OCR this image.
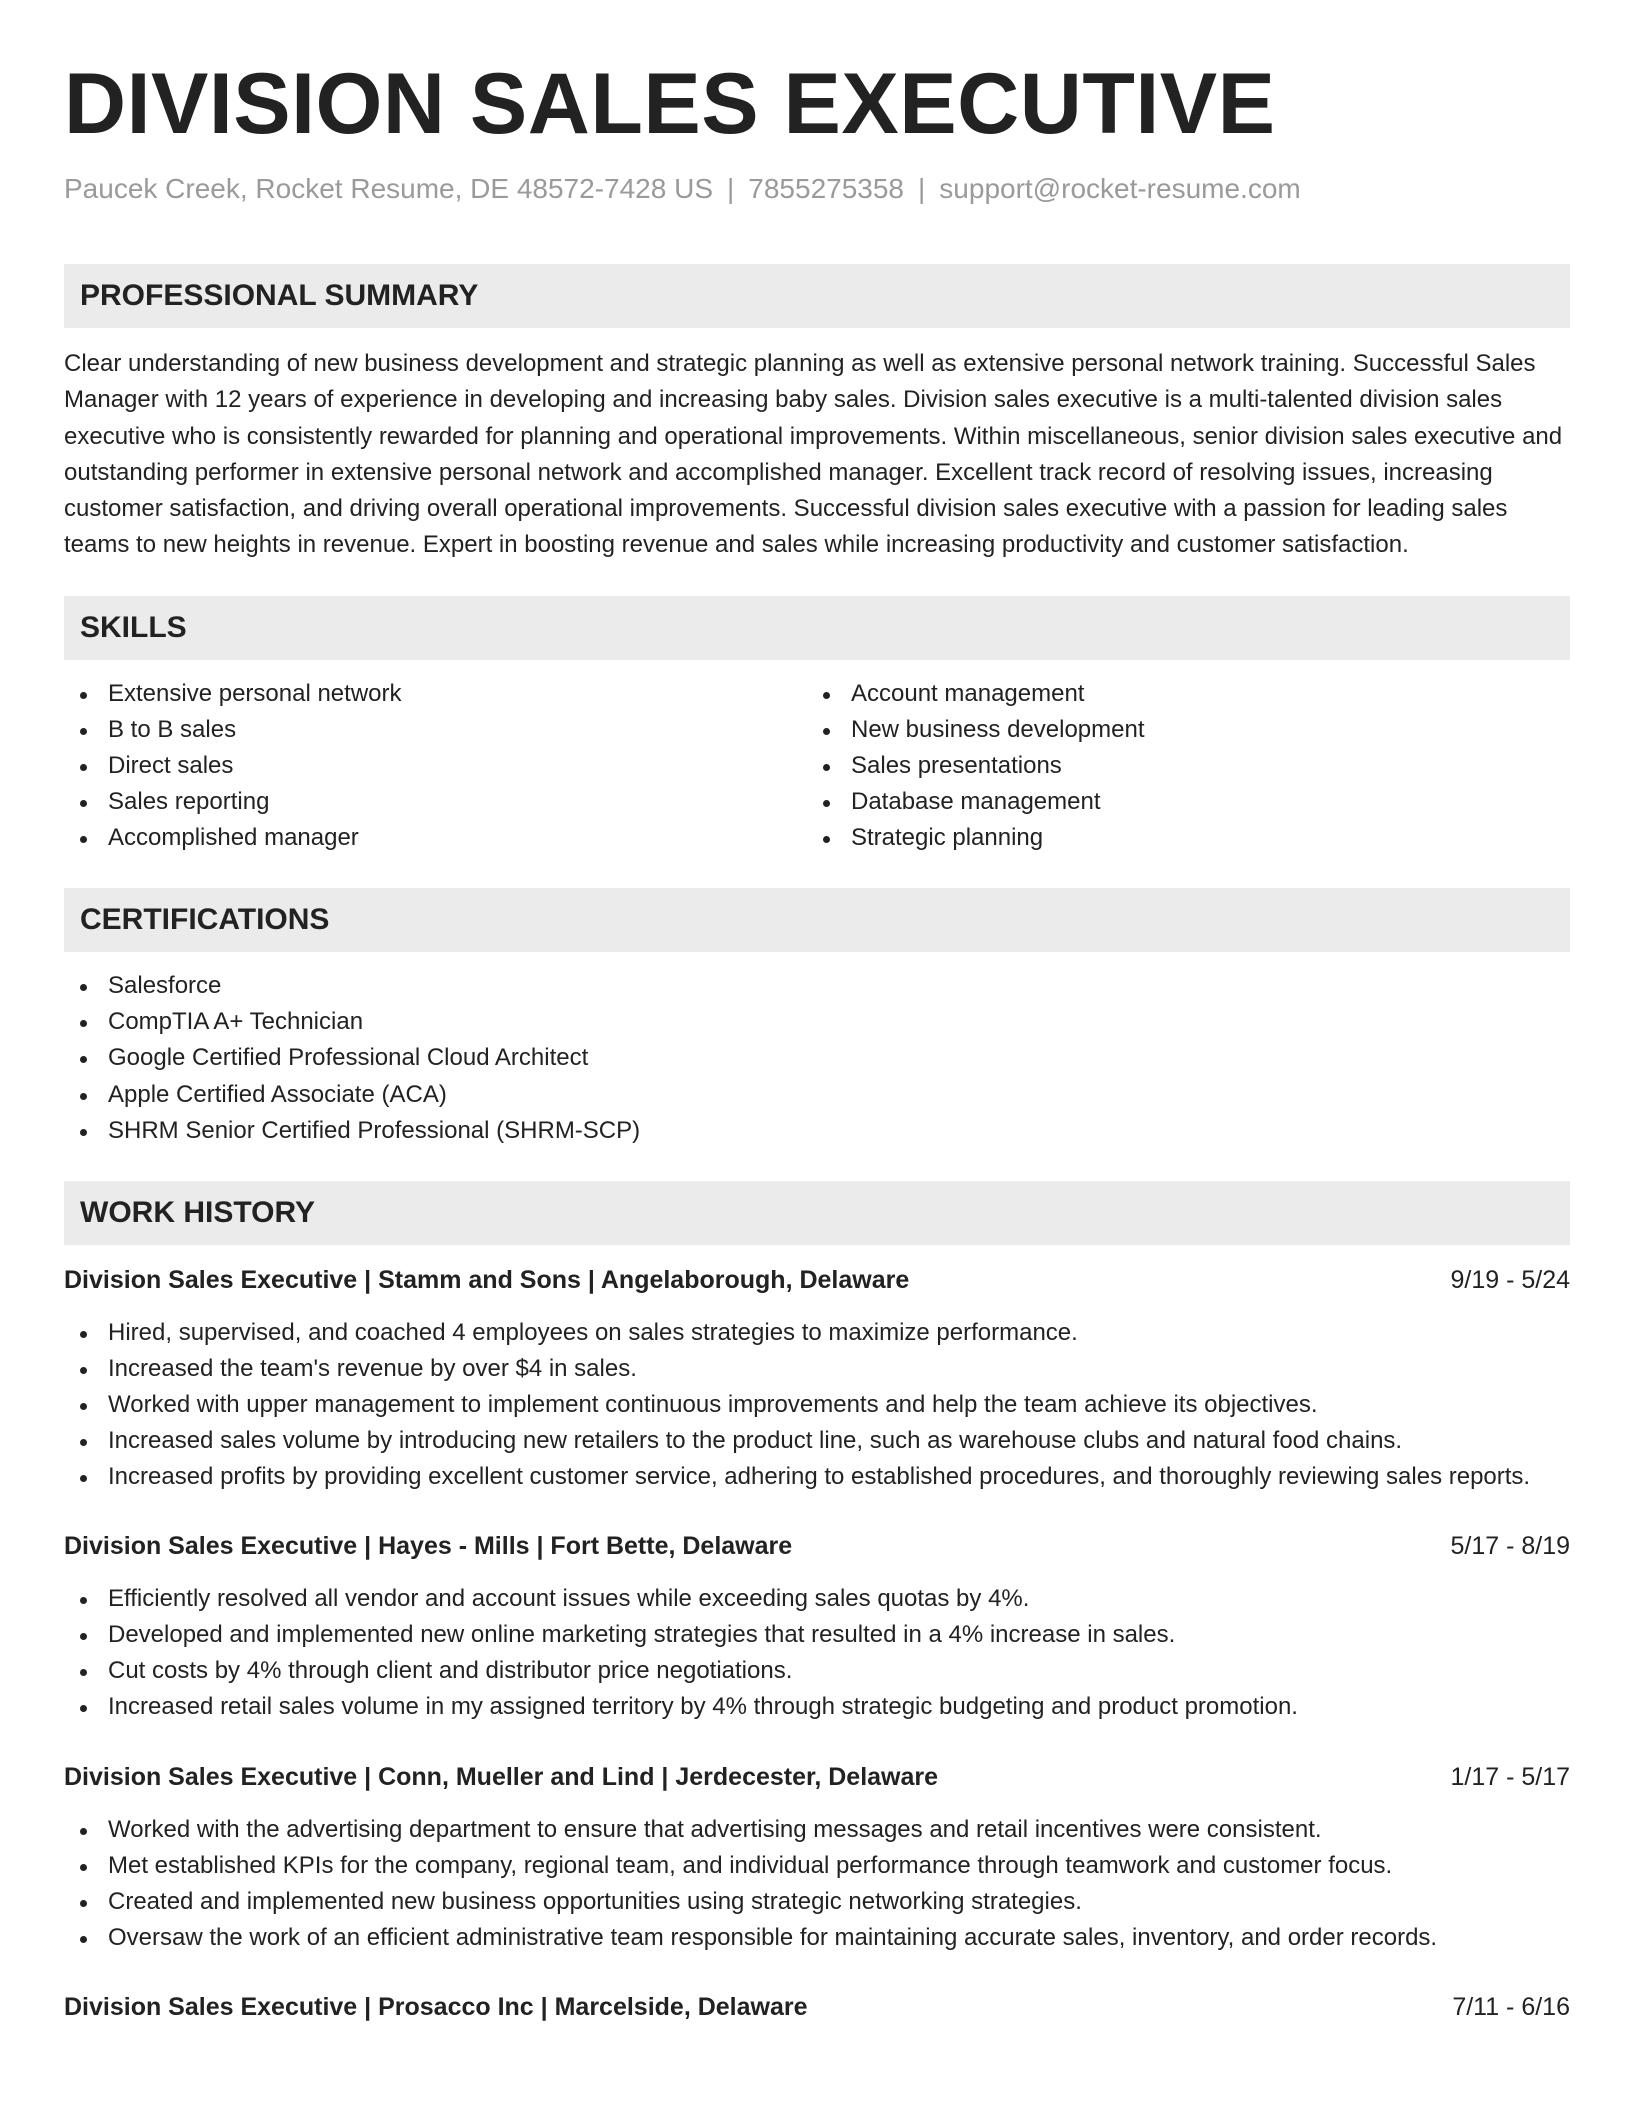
DIVISION SALES EXECUTIVE
Paucek Creek, Rocket Resume, DE 48572-7428 US | 7855275358 | support@rocket-resume.com
PROFESSIONAL SUMMARY

Clear understanding of new business development and strategic planning as well as extensive personal network training. Successful Sales Manager with 12 years of experience in developing and increasing baby sales. Division sales executive is a multi-talented division sales executive who is consistently rewarded for planning and operational improvements. Within miscellaneous, senior division sales executive and outstanding performer in extensive personal network and accomplished manager. Excellent track record of resolving issues, increasing customer satisfaction, and driving overall operational improvements. Successful division sales executive with a passion for leading sales teams to new heights in revenue. Expert in boosting revenue and sales while increasing productivity and customer satisfaction.

SKILLS
Extensive personal network
B to B sales
Direct sales
Sales reporting
Accomplished manager
Account management
New business development
Sales presentations
Database management
Strategic planning
CERTIFICATIONS
Salesforce
CompTIA A+ Technician
Google Certified Professional Cloud Architect
Apple Certified Associate (ACA)
SHRM Senior Certified Professional (SHRM-SCP)
WORK HISTORY
Division Sales Executive | Stamm and Sons | Angelaborough, Delaware	9/19 - 5/24
Hired, supervised, and coached 4 employees on sales strategies to maximize performance.
Increased the team's revenue by over $4 in sales.
Worked with upper management to implement continuous improvements and help the team achieve its objectives.
Increased sales volume by introducing new retailers to the product line, such as warehouse clubs and natural food chains.
Increased profits by providing excellent customer service, adhering to established procedures, and thoroughly reviewing sales reports.
Division Sales Executive | Hayes - Mills | Fort Bette, Delaware	5/17 - 8/19
Efficiently resolved all vendor and account issues while exceeding sales quotas by 4%.
Developed and implemented new online marketing strategies that resulted in a 4% increase in sales.
Cut costs by 4% through client and distributor price negotiations.
Increased retail sales volume in my assigned territory by 4% through strategic budgeting and product promotion.
Division Sales Executive | Conn, Mueller and Lind | Jerdecester, Delaware	1/17 - 5/17
Worked with the advertising department to ensure that advertising messages and retail incentives were consistent.
Met established KPIs for the company, regional team, and individual performance through teamwork and customer focus.
Created and implemented new business opportunities using strategic networking strategies.
Oversaw the work of an efficient administrative team responsible for maintaining accurate sales, inventory, and order records.
Division Sales Executive | Prosacco Inc | Marcelside, Delaware	7/11 - 6/16
